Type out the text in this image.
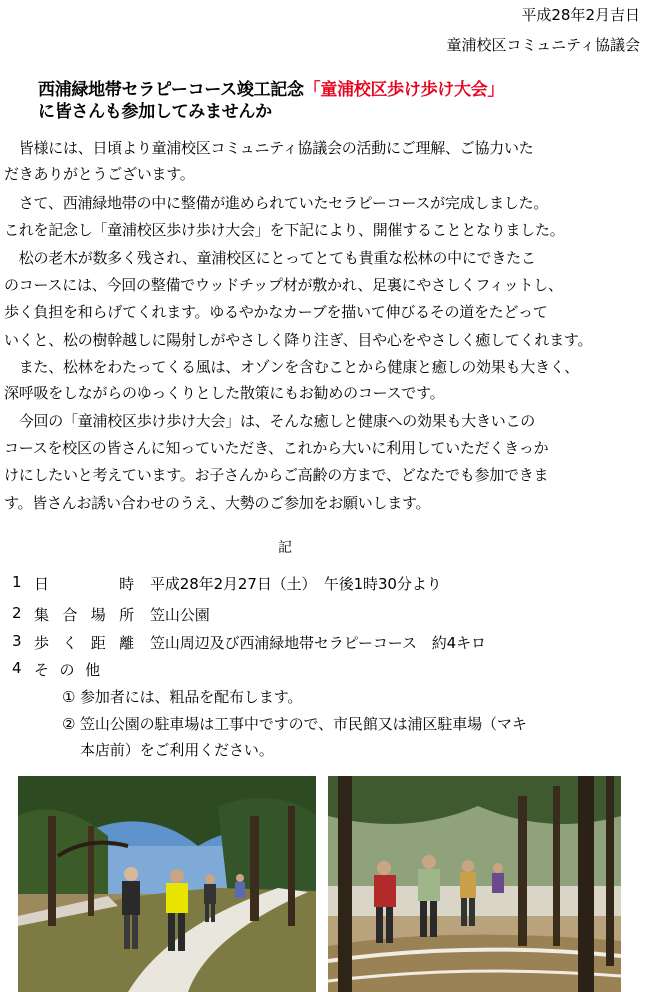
平成28年2月吉日
童浦校区コミュニティ協議会
西浦緑地帯セラピーコース竣工記念「童浦校区歩け歩け大会」
に皆さんも参加してみませんか
　皆様には、日頃より童浦校区コミュニティ協議会の活動にご理解、ご協力いた
だきありがとうございます。
　さて、西浦緑地帯の中に整備が進められていたセラピーコースが完成しました。
これを記念し「童浦校区歩け歩け大会」を下記により、開催することとなりました。
　松の老木が数多く残され、童浦校区にとってとても貴重な松林の中にできたこ
のコースには、今回の整備でウッドチップ材が敷かれ、足裏にやさしくフィットし、
歩く負担を和らげてくれます。ゆるやかなカーブを描いて伸びるその道をたどって
いくと、松の樹幹越しに陽射しがやさしく降り注ぎ、目や心をやさしく癒してくれます。
　また、松林をわたってくる風は、オゾンを含むことから健康と癒しの効果も大きく、
深呼吸をしながらのゆっくりとした散策にもお勧めのコースです。
　今回の「童浦校区歩け歩け大会」は、そんな癒しと健康への効果も大きいこの
コースを校区の皆さんに知っていただき、これから大いに利用していただくきっか
けにしたいと考えています。お子さんからご高齢の方まで、どなたでも参加できま
す。皆さんお誘い合わせのうえ、大勢のご参加をお願いします。
記
1 日	時 平成28年2月27日（土）　午後1時30分より
2 集 合 場 所 笠山公園
3 歩 く 距 離 笠山周辺及び西浦緑地帯セラピーコース　約4キロ
4 そ の 他
① 参加者には、粗品を配布します。
② 笠山公園の駐車場は工事中ですので、市民館又は浦区駐車場（マキ
本店前）をご利用ください。
